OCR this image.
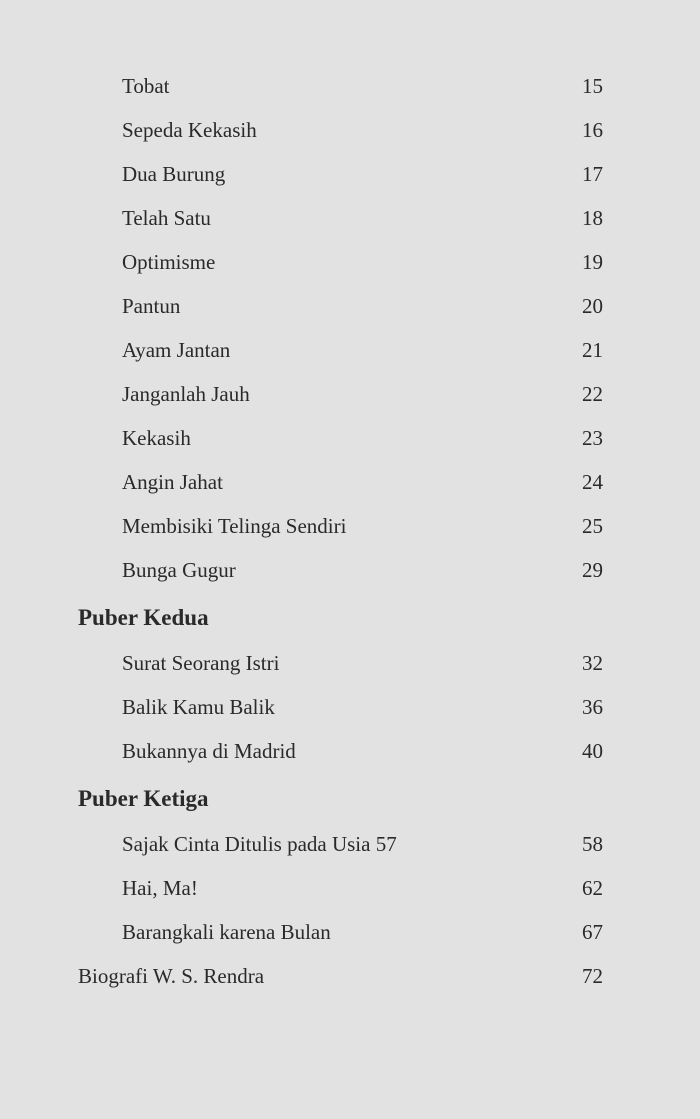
Tobat	15
Sepeda Kekasih	16
Dua Burung	17
Telah Satu	18
Optimisme	19
Pantun	20
Ayam Jantan	21
Janganlah Jauh	22
Kekasih	23
Angin Jahat	24
Membisiki Telinga Sendiri	25
Bunga Gugur	29
Puber Kedua
Surat Seorang Istri	32
Balik Kamu Balik	36
Bukannya di Madrid	40
Puber Ketiga
Sajak Cinta Ditulis pada Usia 57	58
Hai, Ma!	62
Barangkali karena Bulan	67
Biografi W. S. Rendra	72
